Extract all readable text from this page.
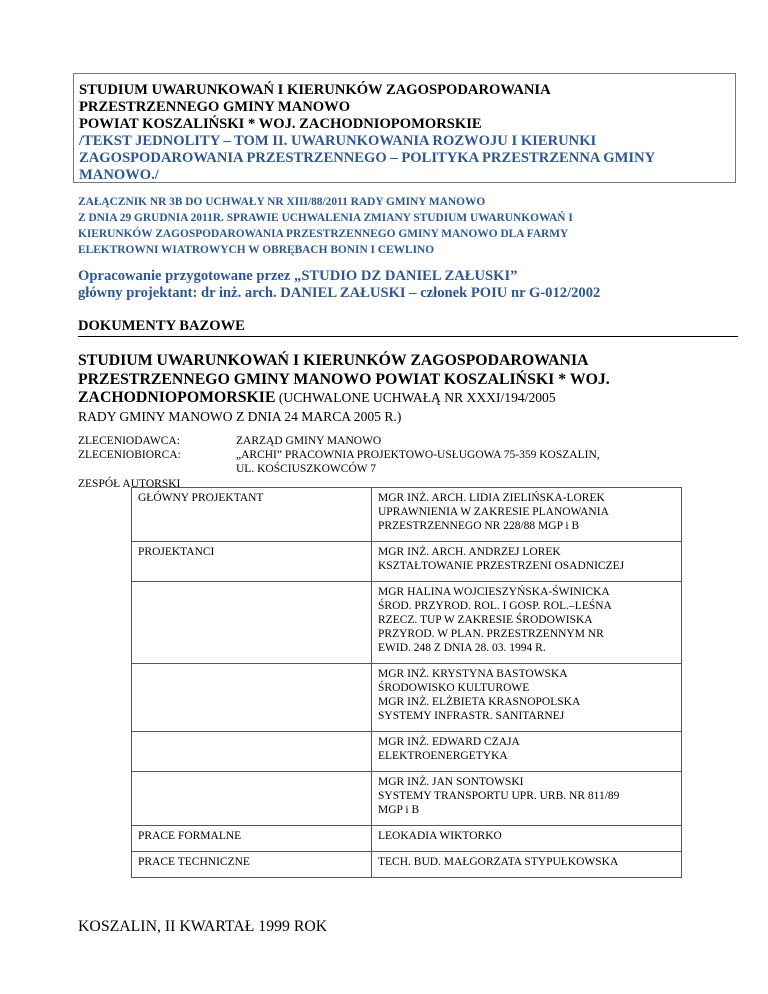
STUDIUM UWARUNKOWAŃ I KIERUNKÓW ZAGOSPODAROWANIA
PRZESTRZENNEGO GMINY MANOWO
POWIAT KOSZALIŃSKI * WOJ. ZACHODNIOPOMORSKIE
/TEKST JEDNOLITY – TOM II. UWARUNKOWANIA ROZWOJU I KIERUNKI
ZAGOSPODAROWANIA PRZESTRZENNEGO – POLITYKA PRZESTRZENNA GMINY
MANOWO./
ZAŁĄCZNIK NR 3B DO UCHWAŁY NR XIII/88/2011 RADY GMINY MANOWO
Z DNIA 29 GRUDNIA 2011R. SPRAWIE UCHWALENIA ZMIANY STUDIUM UWARUNKOWAŃ I
KIERUNKÓW ZAGOSPODAROWANIA PRZESTRZENNEGO GMINY MANOWO DLA FARMY
ELEKTROWNI WIATROWYCH W OBRĘBACH BONIN I CEWLINO
Opracowanie przygotowane przez „STUDIO DZ DANIEL ZAŁUSKI”
główny projektant: dr inż. arch. DANIEL ZAŁUSKI – członek POIU nr G-012/2002
DOKUMENTY BAZOWE
STUDIUM UWARUNKOWAŃ I KIERUNKÓW ZAGOSPODAROWANIA
PRZESTRZENNEGO GMINY MANOWO POWIAT KOSZALIŃSKI * WOJ.
ZACHODNIOPOMORSKIE (UCHWALONE UCHWAŁĄ NR XXXI/194/2005
RADY GMINY MANOWO Z DNIA 24 MARCA 2005 R.)
ZLECENIODAWCA:	ZARZĄD GMINY MANOWO
ZLECENIOBIORCA:	„ARCHI” PRACOWNIA PROJEKTOWO-USŁUGOWA 75-359 KOSZALIN,
UL. KOŚCIUSZKOWCÓW 7
ZESPÓŁ AUTORSKI
GŁÓWNY PROJEKTANT	MGR INŻ. ARCH. LIDIA ZIELIŃSKA-LOREK
UPRAWNIENIA W ZAKRESIE PLANOWANIA
PRZESTRZENNEGO NR 228/88 MGP i B

PROJEKTANCI	MGR INŻ. ARCH. ANDRZEJ LOREK
KSZTAŁTOWANIE PRZESTRZENI OSADNICZEJ

	MGR HALINA WOJCIESZYŃSKA-ŚWINICKA
ŚROD. PRZYROD. ROL. I GOSP. ROL.–LEŚNA
RZECZ. TUP W ZAKRESIE ŚRODOWISKA
PRZYROD. W PLAN. PRZESTRZENNYM NR
EWID. 248 Z DNIA 28. 03. 1994 R.

	MGR INŻ. KRYSTYNA BASTOWSKA
ŚRODOWISKO KULTUROWE
MGR INŻ. ELŻBIETA KRASNOPOLSKA
SYSTEMY INFRASTR. SANITARNEJ

	MGR INŻ. EDWARD CZAJA
ELEKTROENERGETYKA

	MGR INŻ. JAN SONTOWSKI
SYSTEMY TRANSPORTU UPR. URB. NR 811/89
MGP i B

PRACE FORMALNE	LEOKADIA WIKTORKO

PRACE TECHNICZNE	TECH. BUD. MAŁGORZATA STYPUŁKOWSKA
KOSZALIN, II KWARTAŁ 1999 ROK
